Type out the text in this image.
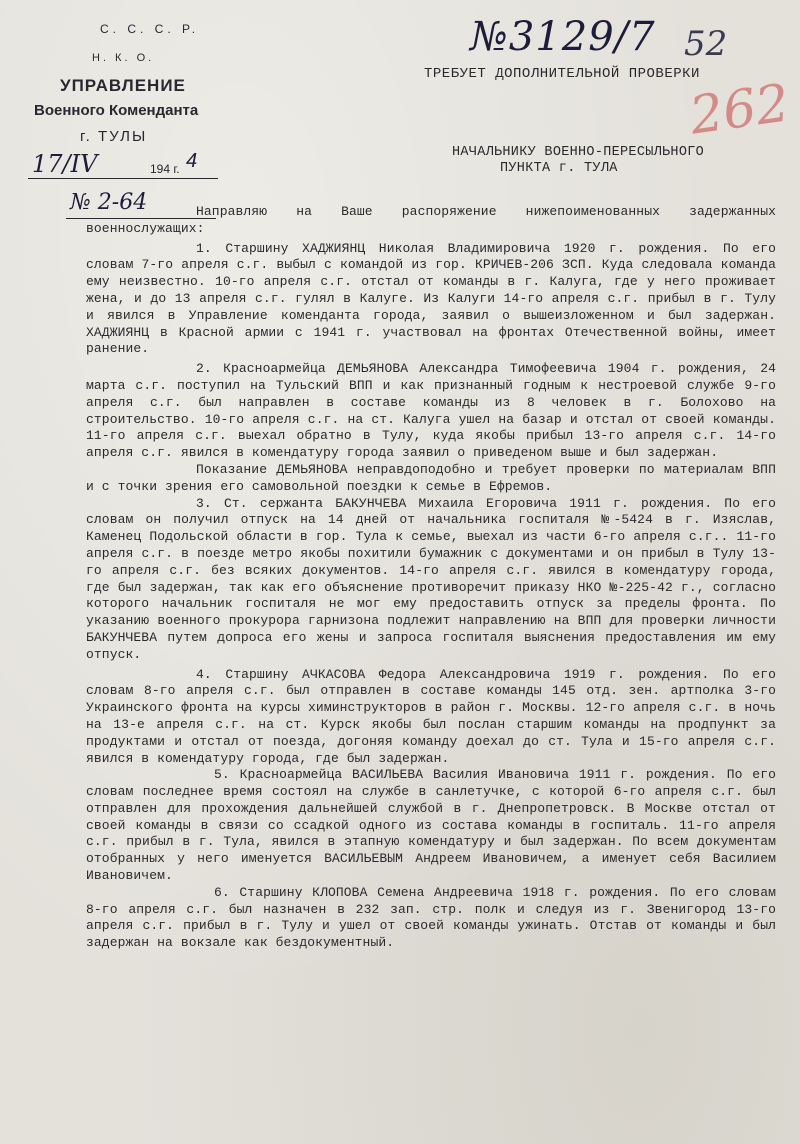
С. С. С. Р.
Н. К. О.
УПРАВЛЕНИЕ
Военного Коменданта
г. ТУЛЫ
17/IV	4
194 г.
№ 2-64
№3129/7 52
262
ТРЕБУЕТ ДОПОЛНИТЕЛЬНОЙ ПРОВЕРКИ
НАЧАЛЬНИКУ ВОЕННО-ПЕРЕСЫЛЬНОГО
ПУНКТА г. ТУЛА

Направляю на Ваше распоряжение нижепоименованных задержанных военнослужащих:

1. Старшину ХАДЖИЯНЦ Николая Владимировича 1920 г. рождения. По его словам 7-го апреля с.г. выбыл с командой из гор. КРИЧЕВ-206 ЗСП. Куда следовала команда ему неизвестно. 10-го апреля с.г. отстал от команды в г. Калуга, где у него проживает жена, и до 13 апреля с.г. гулял в Калуге. Из Калуги 14-го апреля с.г. прибыл в г. Тулу и явился в Управление коменданта города, заявил о вышеизложенном и был задержан. ХАДЖИЯНЦ в Красной армии с 1941 г. участвовал на фронтах Отечественной войны, имеет ранение.

2. Красноармейца ДЕМЬЯНОВА Александра Тимофеевича 1904 г. рождения, 24 марта с.г. поступил на Тульский ВПП и как признанный годным к нестроевой службе 9-го апреля с.г. был направлен в составе команды из 8 человек в г. Болохово на строительство. 10-го апреля с.г. на ст. Калуга ушел на базар и отстал от своей команды. 11-го апреля с.г. выехал обратно в Тулу, куда якобы прибыл 13-го апреля с.г. 14-го апреля с.г. явился в комендатуру города заявил о приведеном выше и был задержан.

Показание ДЕМЬЯНОВА неправдоподобно и требует проверки по материалам ВПП и с точки зрения его самовольной поездки к семье в Ефремов.

3. Ст. сержанта БАКУНЧЕВА Михаила Егоровича 1911 г. рождения. По его словам он получил отпуск на 14 дней от начальника госпиталя №-5424 в г. Изяслав, Каменец Подольской области в гор. Тула к семье, выехал из части 6-го апреля с.г.. 11-го апреля с.г. в поезде метро якобы похитили бумажник с документами и он прибыл в Тулу 13-го апреля с.г. без всяких документов. 14-го апреля с.г. явился в комендатуру города, где был задержан, так как его объяснение противоречит приказу НКО №-225-42 г., согласно которого начальник госпиталя не мог ему предоставить отпуск за пределы фронта. По указанию военного прокурора гарнизона подлежит направлению на ВПП для проверки личности БАКУНЧЕВА путем допроса его жены и запроса госпиталя выяснения предоставления им ему отпуск.

4. Старшину АЧКАСОВА Федора Александровича 1919 г. рождения. По его словам 8-го апреля с.г. был отправлен в составе команды 145 отд. зен. артполка 3-го Украинского фронта на курсы химинструкторов в район г. Москвы. 12-го апреля с.г. в ночь на 13-е апреля с.г. на ст. Курск якобы был послан старшим команды на продпункт за продуктами и отстал от поезда, догоняя команду доехал до ст. Тула и 15-го апреля с.г. явился в комендатуру города, где был задержан.

5. Красноармейца ВАСИЛЬЕВА Василия Ивановича 1911 г. рождения. По его словам последнее время состоял на службе в санлетучке, с которой 6-го апреля с.г. был отправлен для прохождения дальнейшей службой в г. Днепропетровск. В Москве отстал от своей команды в связи со ссадкой одного из состава команды в госпиталь. 11-го апреля с.г. прибыл в г. Тула, явился в этапную комендатуру и был задержан. По всем документам отобранных у него именуется ВАСИЛЬЕВЫМ Андреем Ивановичем, а именует себя Василием Ивановичем.

6. Старшину КЛОПОВА Семена Андреевича 1918 г. рождения. По его словам 8-го апреля с.г. был назначен в 232 зап. стр. полк и следуя из г. Звенигород 13-го апреля с.г. прибыл в г. Тулу и ушел от своей команды ужинать. Отстав от команды и был задержан на вокзале как бездокументный.
